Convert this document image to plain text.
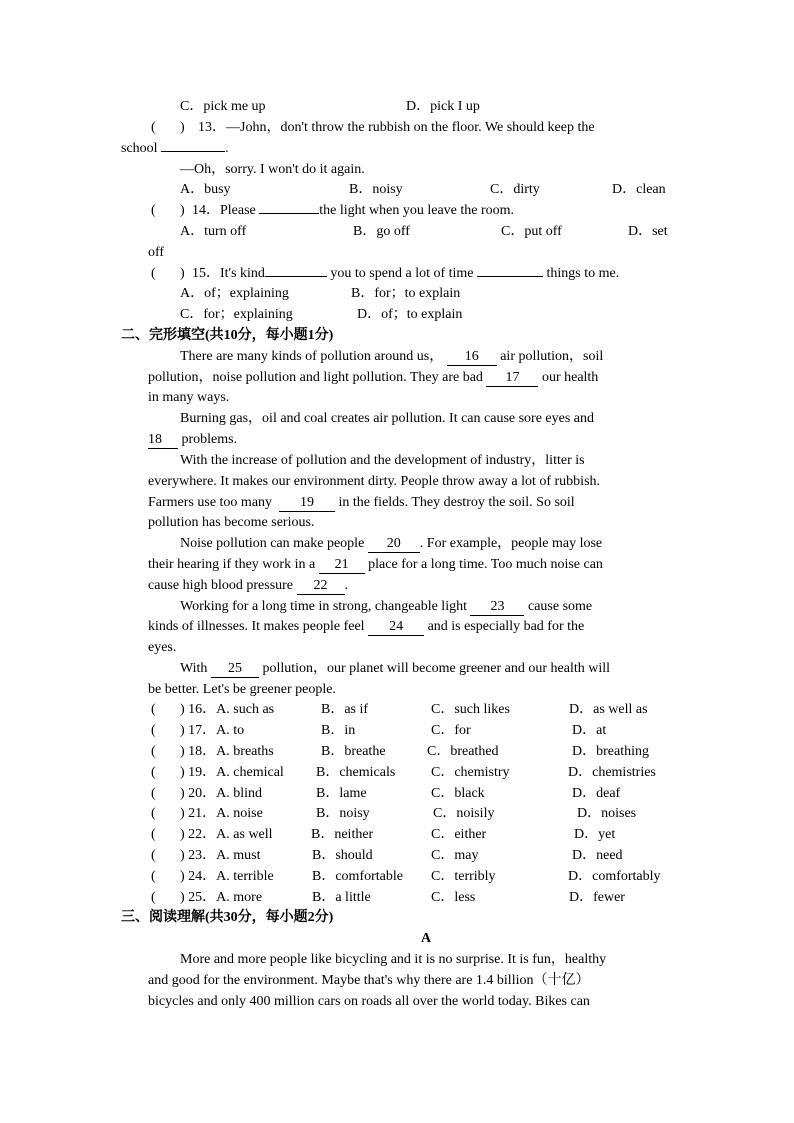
C．pick me up	D．pick I up
( ) 13．—John，don't throw the rubbish on the floor. We should keep the
school	.
—Oh，sorry. I won't do it again.
A．busy	B．noisy	C．dirty	D．clean
( ) 14．Please	the light when you leave the room.
A．turn off	B．go off	C．put off	D．set
off
( ) 15．It's kind	you to spend a lot of time	things to me.
A．of；explaining	B．for；to explain
C．for；explaining	D．of；to explain
二、完形填空(共10分，每小题1分)
There are many kinds of pollution around us， 16 air pollution，soil
pollution，noise pollution and light pollution. They are bad 17 our health
in many ways.
Burning gas，oil and coal creates air pollution. It can cause sore eyes and
18 problems.
With the increase of pollution and the development of industry，litter is
everywhere. It makes our environment dirty. People throw away a lot of rubbish.
Farmers use too many 19 in the fields. They destroy the soil. So soil
pollution has become serious.
Noise pollution can make people 20 . For example，people may lose
their hearing if they work in a 21 place for a long time. Too much noise can
cause high blood pressure 22 .
Working for a long time in strong, changeable light 23 cause some
kinds of illnesses. It makes people feel 24 and is especially bad for the
eyes.
With 25 pollution，our planet will become greener and our health will
be better. Let's be greener people.
( ) 16．A. such as	B．as if	C．such likes	D．as well as
( ) 17．A. to	B．in	C．for	D．at
( ) 18．A. breaths	B．breathe	C．breathed	D．breathing
( ) 19．A. chemical B．chemicals	C．chemistry	D．chemistries
( ) 20．A. blind	B．lame	C．black	D．deaf
( ) 21．A. noise	B．noisy	C．noisily	D．noises
( ) 22．A. as well	B．neither	C．either	D．yet
( ) 23．A. must	B．should	C．may	D．need
( ) 24．A. terrible	B．comfortable C．terribly	D．comfortably
( ) 25．A. more	B．a little	C．less	D．fewer
三、阅读理解(共30分，每小题2分)
A
More and more people like bicycling and it is no surprise. It is fun，healthy
and good for the environment. Maybe that's why there are 1.4 billion（十亿）
bicycles and only 400 million cars on roads all over the world today. Bikes can
